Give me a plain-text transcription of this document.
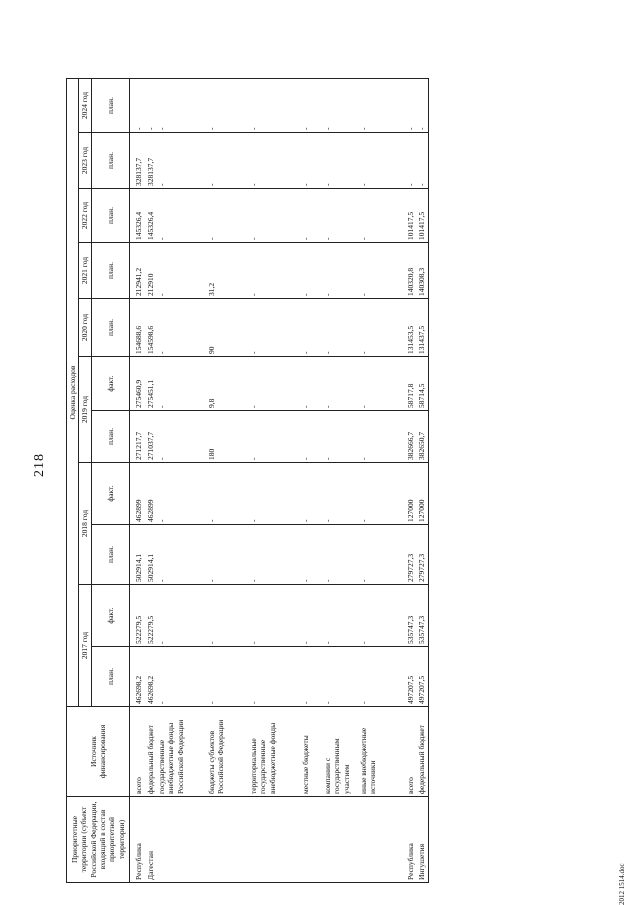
218
Приоритетные территории (субъект Российской Федерации, входящий в состав приоритетной территории)	Источник финансирования	Оценка расходов										
		2017 год		2018 год		2019 год		2020 год	2021 год	2022 год	2023 год	2024 год
		план.	факт.	план.	факт.	план.	факт.	план.	план.	план.	план.	план.
Республика	всего	462698,2	522279,5	502914,1	462899	271217,7	275460,9	154688,6	212941,2	145326,4	328137,7	-
Дагестан	федеральный бюджет	462698,2	522279,5	502914,1	462899	271037,7	275451,1	154598,6	212910	145326,4	328137,7	-
	государственные внебюджетные фонды Российской Федерации	-	-	-	-	-	-	-	-	-	-	-
	бюджеты субъектов Российской Федерации	-	-	-	-	180	9,8	90	31,2	-	-	-
	территориальные государственные внебюджетные фонды	-	-	-	-	-	-	-	-	-	-	-
	местные бюджеты	-	-	-	-	-	-	-	-	-	-	-
	компании с государственным участием	-	-	-	-	-	-	-	-	-	-	-
	иные внебюджетные источники	-	-	-	-	-	-	-	-	-	-	-
Республика	всего	497207,5	535747,3	279727,3	127000	382666,7	58717,8	131453,5	140320,8	101417,5	-	-
Ингушетия	федеральный бюджет	497207,5	535747,3	279727,3	127000	382650,7	58714,5	131437,5	140308,3	101417,5	-	-
2012 1514.doc
